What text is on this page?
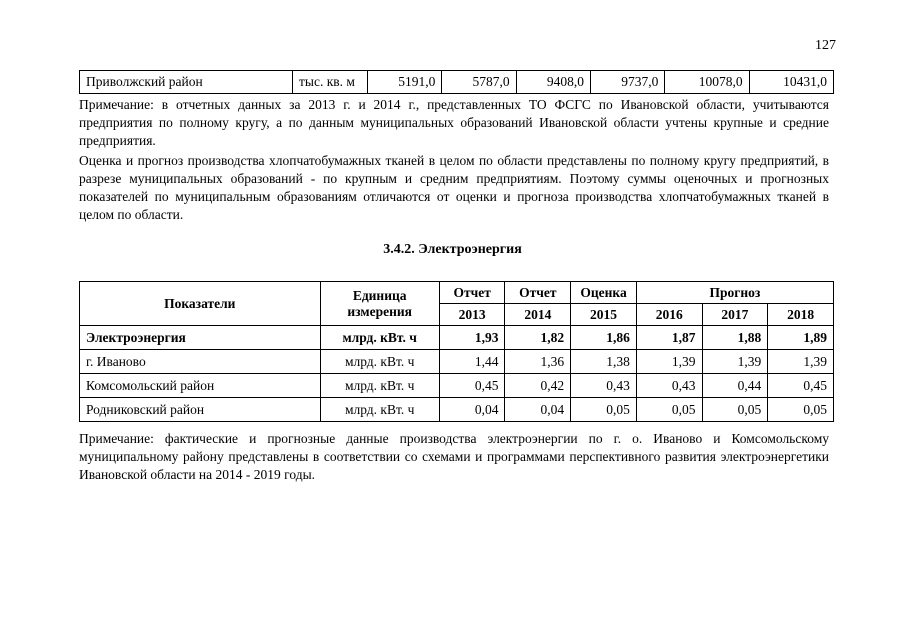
127
Приволжский район	тыс. кв. м	5191,0	5787,0	9408,0	9737,0	10078,0	10431,0
Примечание: в отчетных данных за 2013 г. и 2014 г., представленных ТО ФСГС по Ивановской области, учитываются предприятия по полному кругу, а по данным муниципальных образований Ивановской области учтены крупные и средние предприятия.
Оценка и прогноз производства хлопчатобумажных тканей в целом по области представлены по полному кругу предприятий, в разрезе муниципальных образований - по крупным и средним предприятиям. Поэтому суммы оценочных и прогнозных показателей по муниципальным образованиям отличаются от оценки и прогноза производства хлопчатобумажных тканей в целом по области.
3.4.2. Электроэнергия
Показатели	Единица измерения	Отчет	Отчет	Оценка	Прогноз		
		2013	2014	2015	2016	2017	2018
Электроэнергия	млрд. кВт. ч	1,93	1,82	1,86	1,87	1,88	1,89
г. Иваново	млрд. кВт. ч	1,44	1,36	1,38	1,39	1,39	1,39
Комсомольский район	млрд. кВт. ч	0,45	0,42	0,43	0,43	0,44	0,45
Родниковский район	млрд. кВт. ч	0,04	0,04	0,05	0,05	0,05	0,05
Примечание: фактические и прогнозные данные производства электроэнергии по г. о. Иваново и Комсомольскому муниципальному району представлены в соответствии со схемами и программами перспективного развития электроэнергетики Ивановской области на 2014 - 2019 годы.
